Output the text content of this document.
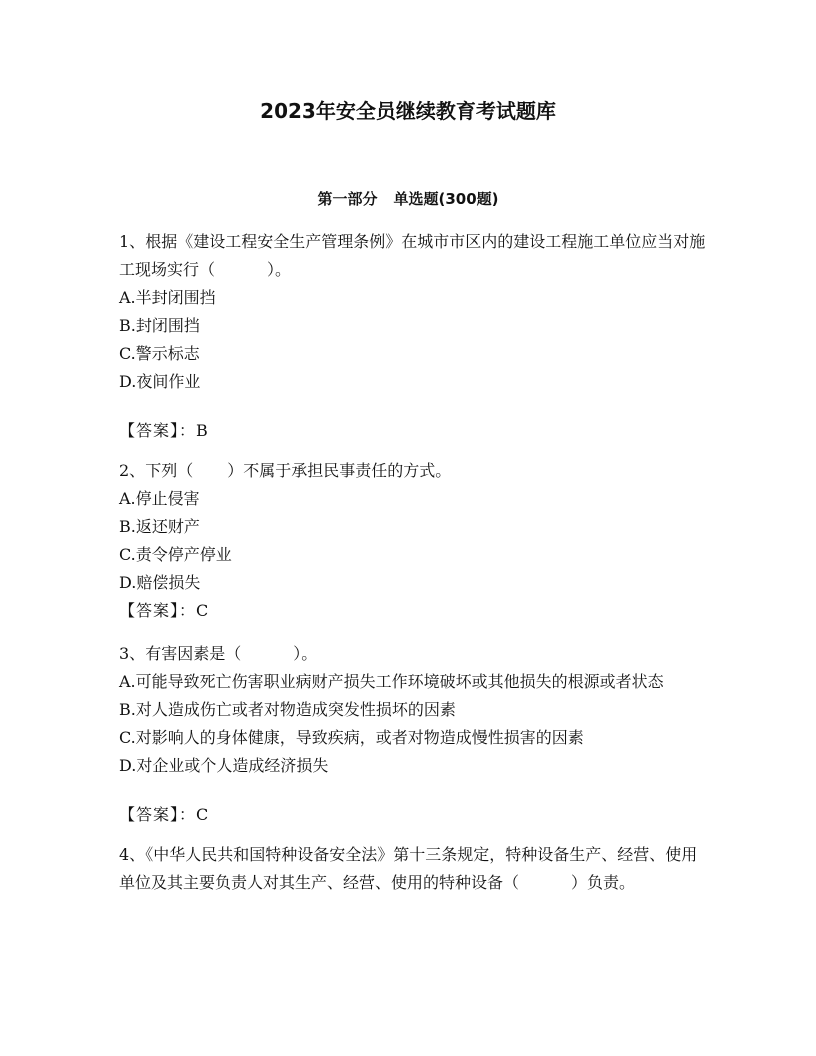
2023年安全员继续教育考试题库
第一部分 单选题(300题)
1、根据《建设工程安全生产管理条例》在城市市区内的建设工程施工单位应当对施工现场实行（	）。
A.半封闭围挡
B.封闭围挡
C.警示标志
D.夜间作业
【答案】：B
2、下列（ ）不属于承担民事责任的方式。
A.停止侵害
B.返还财产
C.责令停产停业
D.赔偿损失
【答案】：C
3、有害因素是（	）。
A.可能导致死亡伤害职业病财产损失工作环境破坏或其他损失的根源或者状态
B.对人造成伤亡或者对物造成突发性损坏的因素
C.对影响人的身体健康，导致疾病，或者对物造成慢性损害的因素
D.对企业或个人造成经济损失
【答案】：C
4、《中华人民共和国特种设备安全法》第十三条规定，特种设备生产、经营、使用单位及其主要负责人对其生产、经营、使用的特种设备（	）负责。
